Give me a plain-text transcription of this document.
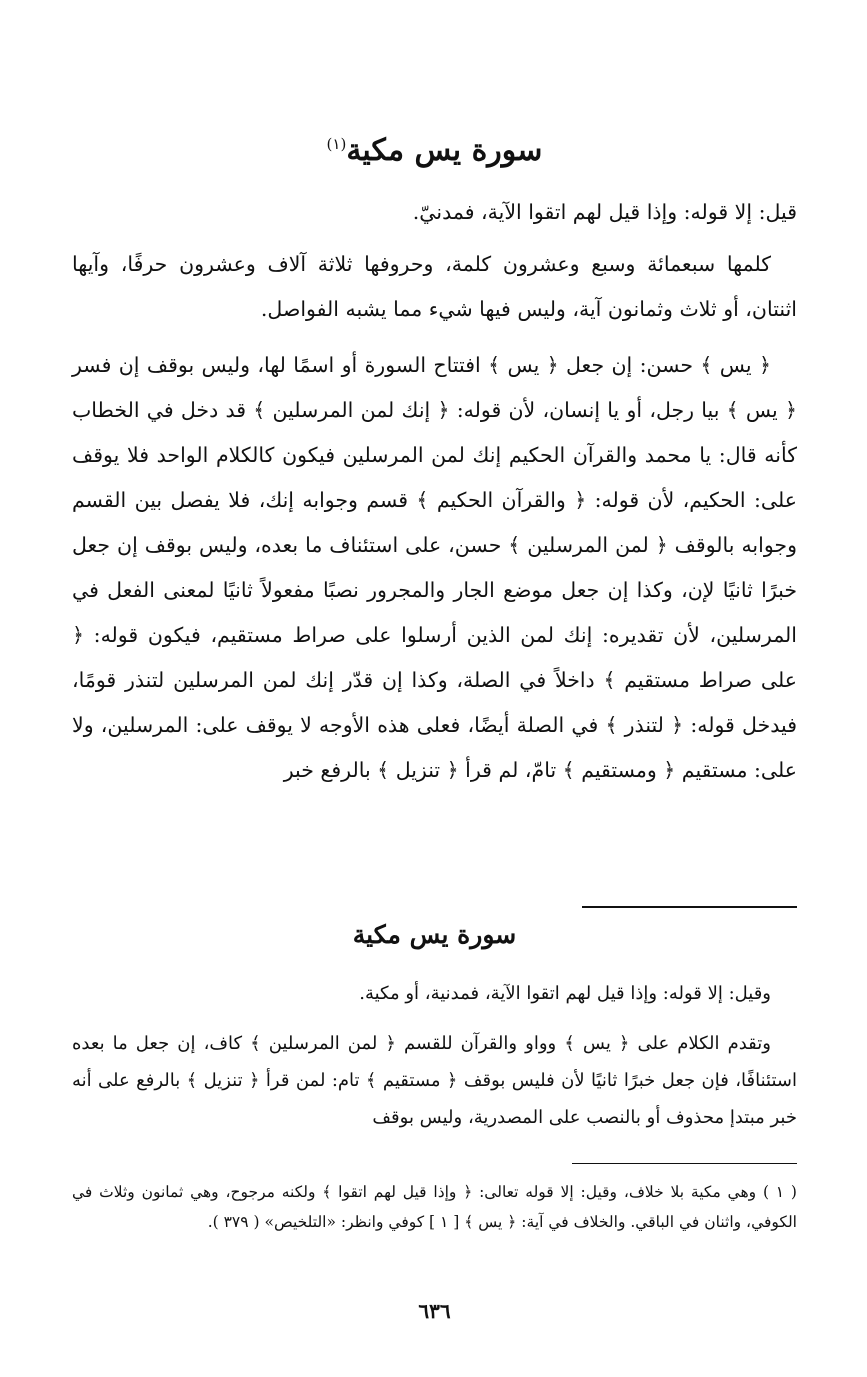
سورة يس مكية$^{(١)}$

قيل: إلا قوله: وإذا قيل لهم اتقوا الآية، فمدنيّ.

كلمها سبعمائة وسبع وعشرون كلمة، وحروفها ثلاثة آلاف وعشرون حرفًا، وآيها اثنتان، أو ثلاث وثمانون آية، وليس فيها شيء مما يشبه الفواصل.

﴿ يس ﴾ حسن: إن جعل ﴿ يس ﴾ افتتاح السورة أو اسمًا لها، وليس بوقف إن فسر ﴿ يس ﴾ بيا رجل، أو يا إنسان، لأن قوله: ﴿ إنك لمن المرسلين ﴾ قد دخل في الخطاب كأنه قال: يا محمد والقرآن الحكيم إنك لمن المرسلين فيكون كالكلام الواحد فلا يوقف على: الحكيم، لأن قوله: ﴿ والقرآن الحكيم ﴾ قسم وجوابه إنك، فلا يفصل بين القسم وجوابه بالوقف ﴿ لمن المرسلين ﴾ حسن، على استئناف ما بعده، وليس بوقف إن جعل خبرًا ثانيًا لإن، وكذا إن جعل موضع الجار والمجرور نصبًا مفعولاً ثانيًا لمعنى الفعل في المرسلين، لأن تقديره: إنك لمن الذين أرسلوا على صراط مستقيم، فيكون قوله: ﴿ على صراط مستقيم ﴾ داخلاً في الصلة، وكذا إن قدّر إنك لمن المرسلين لتنذر قومًا، فيدخل قوله: ﴿ لتنذر ﴾ في الصلة أيضًا، فعلى هذه الأوجه لا يوقف على: المرسلين، ولا على: مستقيم ﴿ ومستقيم ﴾ تامّ، لم قرأ ﴿ تنزيل ﴾ بالرفع خبر

سورة يس مكية

وقيل: إلا قوله: وإذا قيل لهم اتقوا الآية، فمدنية، أو مكية.

وتقدم الكلام على ﴿ يس ﴾ وواو والقرآن للقسم ﴿ لمن المرسلين ﴾ كاف، إن جعل ما بعده استئنافًا، فإن جعل خبرًا ثانيًا لأن فليس بوقف ﴿ مستقيم ﴾ تام: لمن قرأ ﴿ تنزيل ﴾ بالرفع على أنه خبر مبتدإ محذوف أو بالنصب على المصدرية، وليس بوقف

( ١ ) وهي مكية بلا خلاف، وقيل: إلا قوله تعالى: ﴿ وإذا قيل لهم اتقوا ﴾ ولكنه مرجوح، وهي ثمانون وثلاث في الكوفي، واثنان في الباقي. والخلاف في آية: ﴿ يس ﴾ [ ١ ] كوفي وانظر: «التلخيص» ( ٣٧٩ ).

٦٣٦
